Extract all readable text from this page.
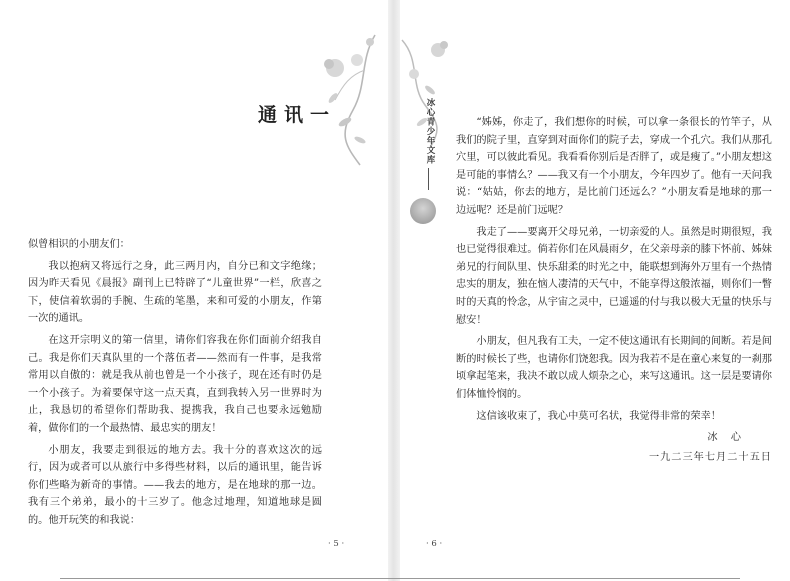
通讯一

似曾相识的小朋友们：

我以抱病又将远行之身，此三两月内，自分已和文字绝缘；因为昨天看见《晨报》副刊上已特辟了“儿童世界”一栏，欣喜之下，使信着软弱的手腕、生疏的笔墨，来和可爱的小朋友，作第一次的通讯。

在这开宗明义的第一信里，请你们容我在你们面前介绍我自己。我是你们天真队里的一个落伍者——然而有一件事，是我常常用以自傲的：就是我从前也曾是一个小孩子，现在还有时仍是一个小孩子。为着要保守这一点天真，直到我转入另一世界时为止，我恳切的希望你们帮助我、提携我，我自己也要永远勉励着，做你们的一个最热情、最忠实的朋友！

小朋友，我要走到很远的地方去。我十分的喜欢这次的远行，因为或者可以从旅行中多得些材料，以后的通讯里，能告诉你们些略为新奇的事情。——我去的地方，是在地球的那一边。我有三个弟弟，最小的十三岁了。他念过地理，知道地球是圆的。他开玩笑的和我说：

· 5 ·
冰心青少年文库	“姊姊，你走了，我们想你的时候，可以拿一条很长的竹竿子，从我们的院子里，直穿到对面你们的院子去，穿成一个孔穴。我们从那孔穴里，可以彼此看见。我看看你别后是否胖了，或是瘦了。”小朋友想这是可能的事情么？——我又有一个小朋友，今年四岁了。他有一天问我说：“姑姑，你去的地方，是比前门还远么？”小朋友看是地球的那一边远呢？还是前门远呢？

我走了——要离开父母兄弟，一切亲爱的人。虽然是时期很短，我也已觉得很难过。倘若你们在风晨雨夕，在父亲母亲的膝下怀前、姊妹弟兄的行间队里、快乐甜柔的时光之中，能联想到海外万里有一个热情忠实的朋友，独在恼人凄清的天气中，不能享得这般浓福，则你们一瞥时的天真的怜念，从宇宙之灵中，已遥遥的付与我以极大无量的快乐与慰安！

小朋友，但凡我有工夫，一定不使这通讯有长期间的间断。若是间断的时候长了些，也请你们饶恕我。因为我若不是在童心来复的一刹那顷拿起笔来，我决不敢以成人烦杂之心，来写这通讯。这一层是要请你们体恤怜悯的。

这信该收束了，我心中莫可名状，我觉得非常的荣幸！

冰 心

一九二三年七月二十五日

· 6 ·
